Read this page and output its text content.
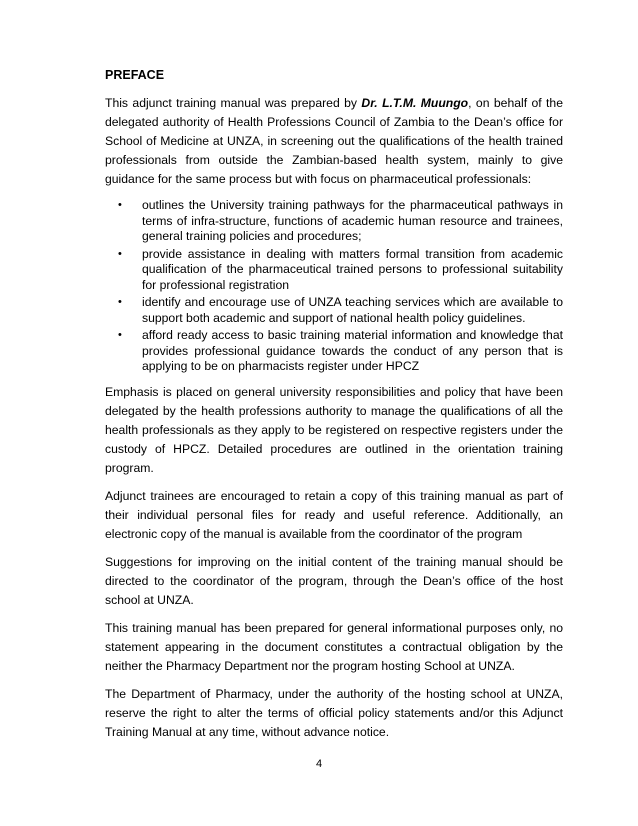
PREFACE

This adjunct training manual was prepared by Dr. L.T.M. Muungo, on behalf of the delegated authority of Health Professions Council of Zambia to the Dean’s office for School of Medicine at UNZA, in screening out the qualifications of the health trained professionals from outside the Zambian-based health system, mainly to give guidance for the same process but with focus on pharmaceutical professionals:

• outlines the University training pathways for the pharmaceutical pathways in terms of infra-structure, functions of academic human resource and trainees, general training policies and procedures;
• provide assistance in dealing with matters formal transition from academic qualification of the pharmaceutical trained persons to professional suitability for professional registration
• identify and encourage use of UNZA teaching services which are available to support both academic and support of national health policy guidelines.
• afford ready access to basic training material information and knowledge that provides professional guidance towards the conduct of any person that is applying to be on pharmacists register under HPCZ

Emphasis is placed on general university responsibilities and policy that have been delegated by the health professions authority to manage the qualifications of all the health professionals as they apply to be registered on respective registers under the custody of HPCZ. Detailed procedures are outlined in the orientation training program.

Adjunct trainees are encouraged to retain a copy of this training manual as part of their individual personal files for ready and useful reference. Additionally, an electronic copy of the manual is available from the coordinator of the program

Suggestions for improving on the initial content of the training manual should be directed to the coordinator of the program, through the Dean’s office of the host school at UNZA.

This training manual has been prepared for general informational purposes only, no statement appearing in the document constitutes a contractual obligation by the neither the Pharmacy Department nor the program hosting School at UNZA.

The Department of Pharmacy, under the authority of the hosting school at UNZA, reserve the right to alter the terms of official policy statements and/or this Adjunct Training Manual at any time, without advance notice.

4
